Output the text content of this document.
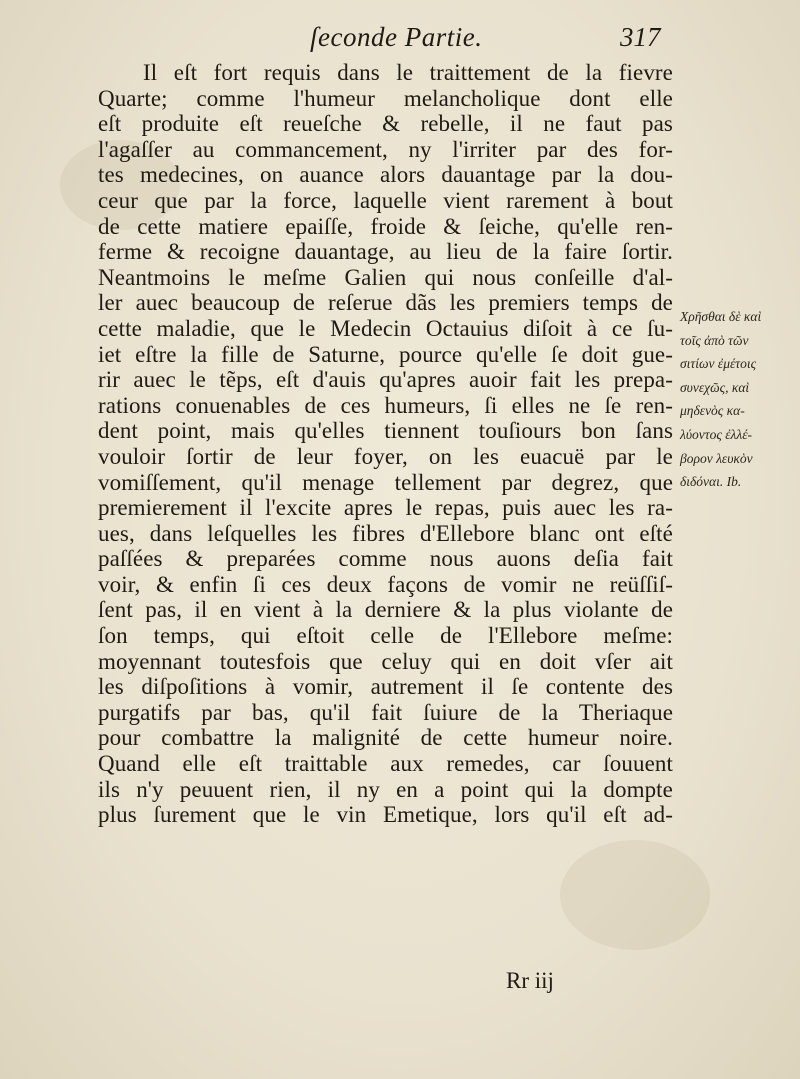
ſeconde Partie.	317
Il eſt fort requis dans le traittement de la fievre
Quarte; comme l'humeur melancholique dont elle
eſt produite eſt reueſche & rebelle, il ne faut pas
l'agaſſer au commancement, ny l'irriter par des for-
tes medecines, on auance alors dauantage par la dou-
ceur que par la force, laquelle vient rarement à bout
de cette matiere epaiſſe, froide & ſeiche, qu'elle ren-
ferme & recoigne dauantage, au lieu de la faire ſortir.
Neantmoins le meſme Galien qui nous conſeille d'al-
ler auec beaucoup de reſerue dãs les premiers temps de
cette maladie, que le Medecin Octauius diſoit à ce ſu-
iet eſtre la fille de Saturne, pource qu'elle ſe doit gue-
rir auec le tẽps, eſt d'auis qu'apres auoir fait les prepa-
rations conuenables de ces humeurs, ſi elles ne ſe ren-
dent point, mais qu'elles tiennent touſiours bon ſans
vouloir ſortir de leur foyer, on les euacuë par le
vomiſſement, qu'il menage tellement par degrez, que
premierement il l'excite apres le repas, puis auec les ra-
ues, dans leſquelles les fibres d'Ellebore blanc ont eſté
paſſées & preparées comme nous auons deſia fait
voir, & enfin ſi ces deux façons de vomir ne reüſſiſ-
ſent pas, il en vient à la derniere & la plus violante de
ſon temps, qui eſtoit celle de l'Ellebore meſme:
moyennant toutesfois que celuy qui en doit vſer ait
les diſpoſitions à vomir, autrement il ſe contente des
purgatifs par bas, qu'il fait ſuiure de la Theriaque
pour combattre la malignité de cette humeur noire.
Quand elle eſt traittable aux remedes, car ſouuent
ils n'y peuuent rien, il ny en a point qui la dompte
plus ſurement que le vin Emetique, lors qu'il eſt ad-
Χρῆσθαι δὲ καὶ
τοῖς ἀπὸ τῶν
σιτίων ἐμέτοις
συνεχῶς, καὶ
μηδενὸς κα-
λύοντος ἐλλέ-
βορον λευκὸν
διδόναι. Ib.
Rr iij
